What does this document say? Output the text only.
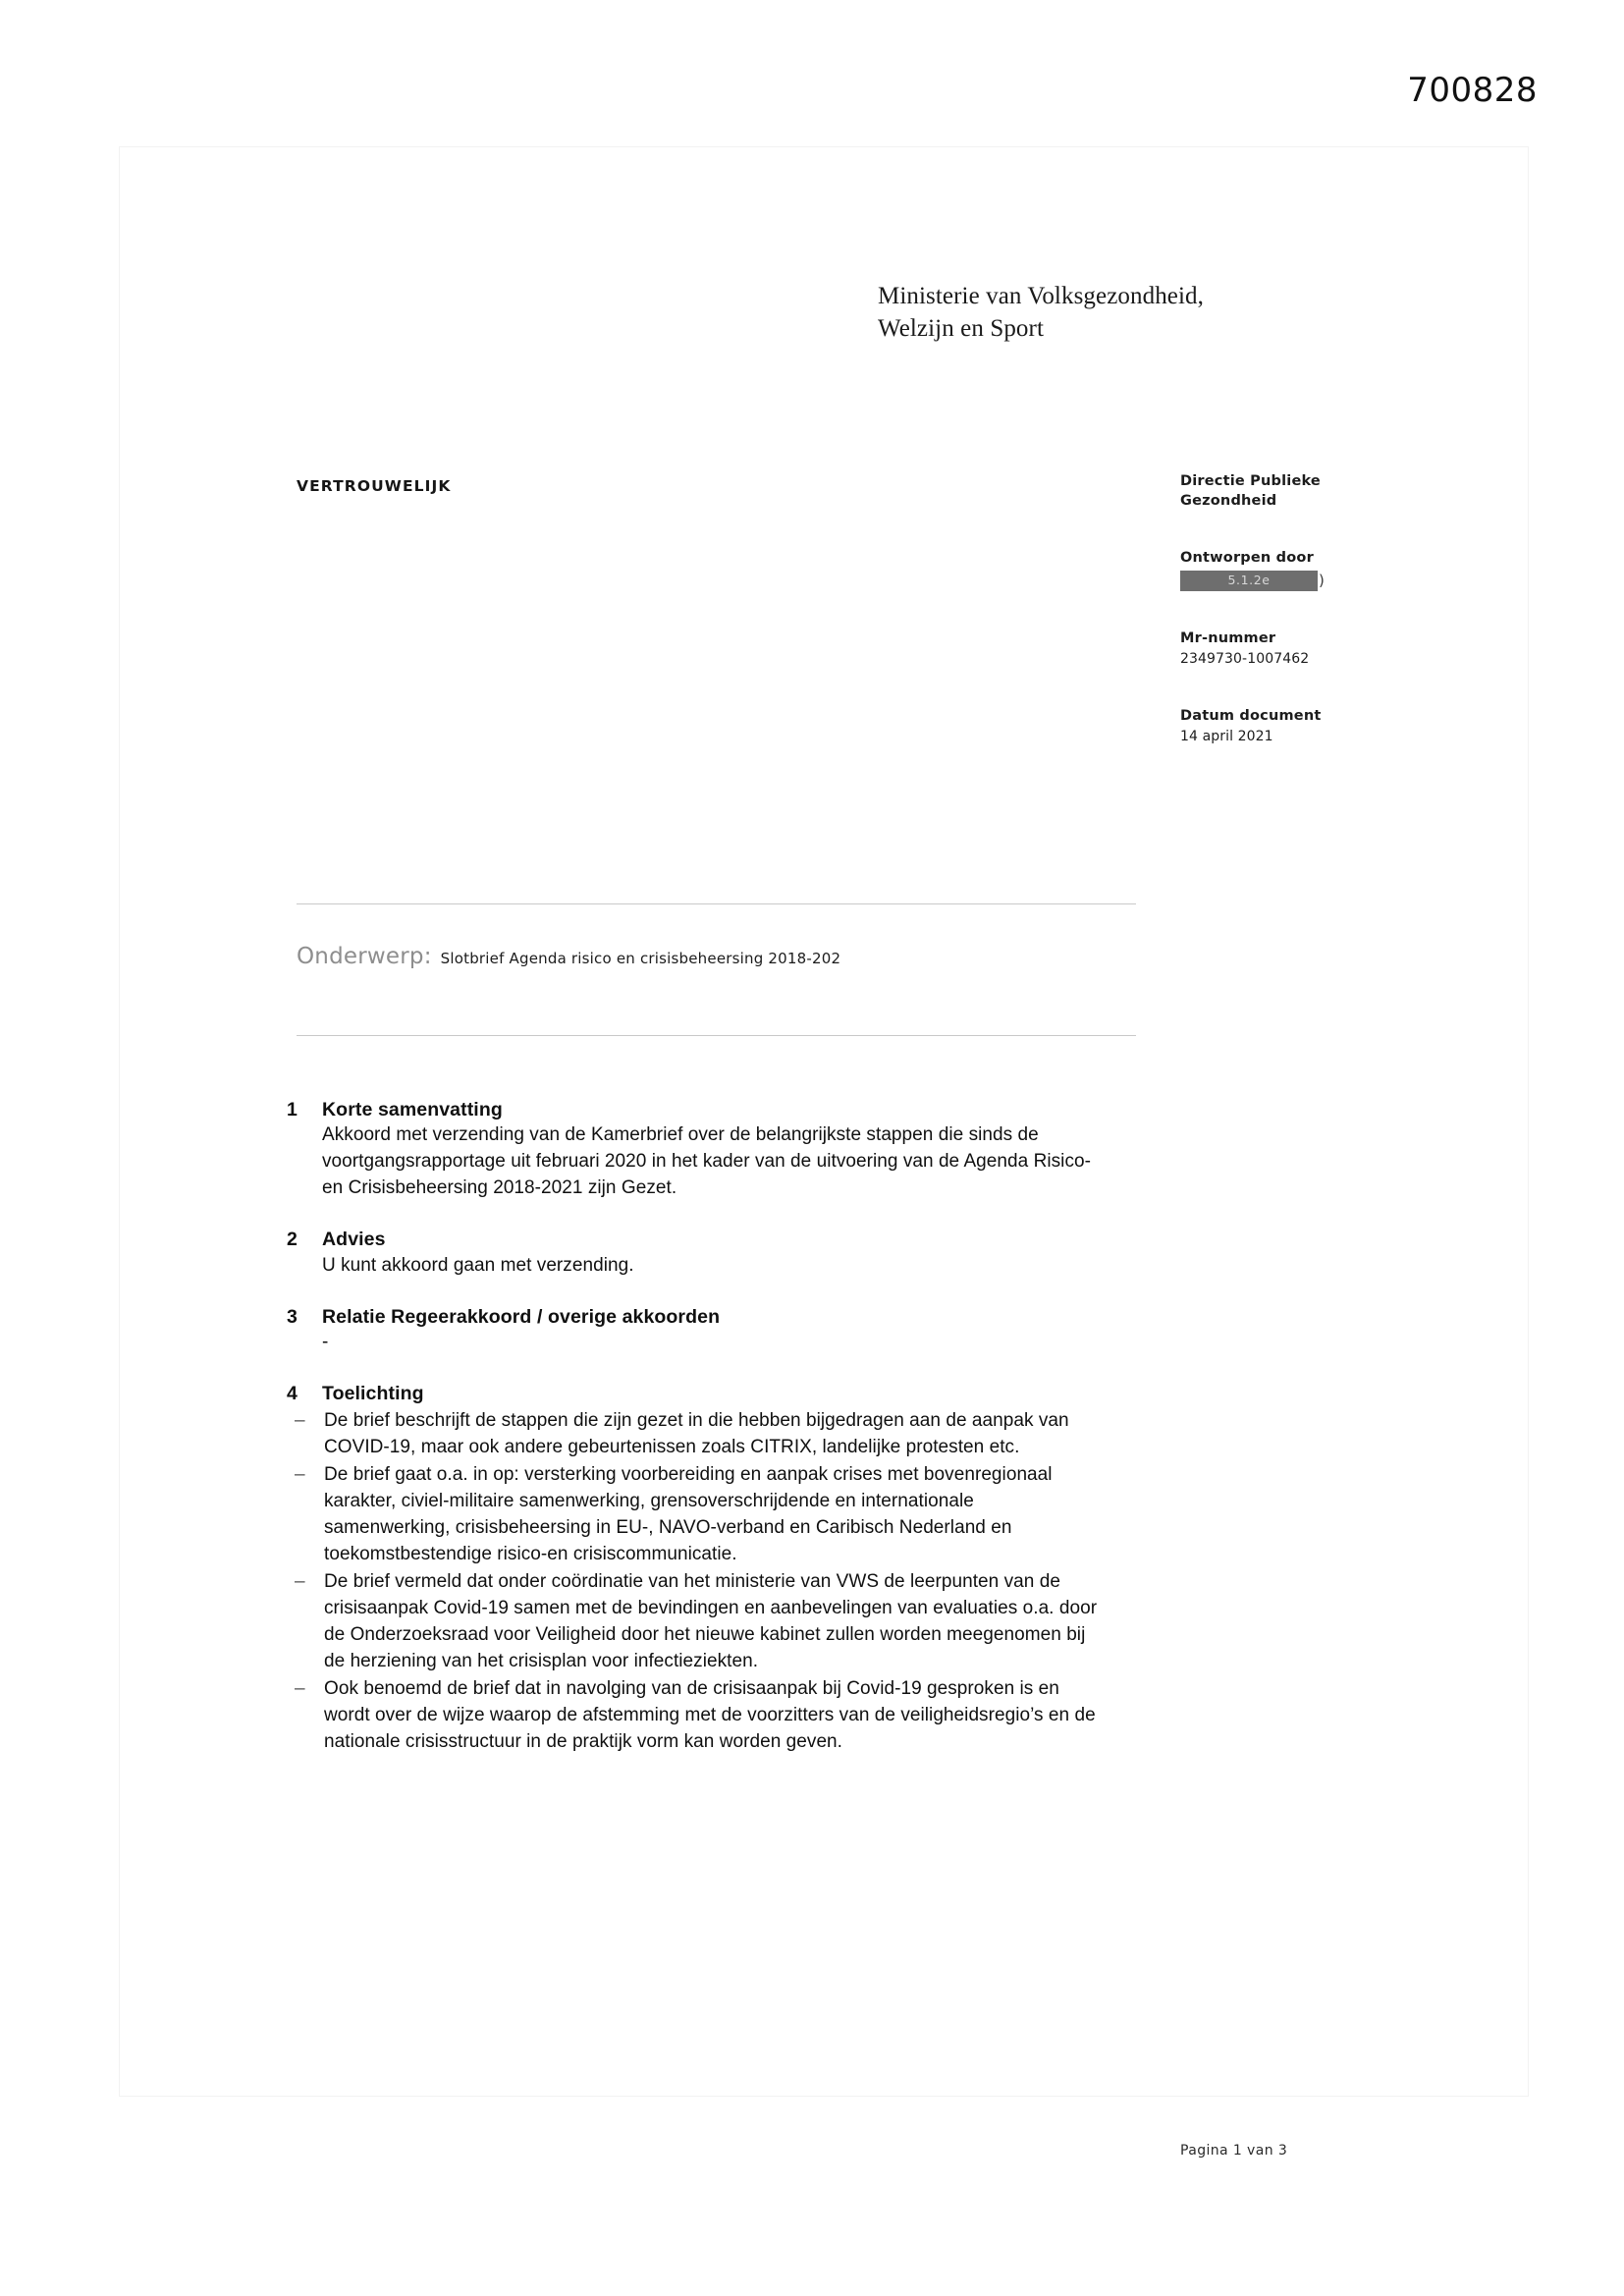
700828
Ministerie van Volksgezondheid,
Welzijn en Sport
VERTROUWELIJK	Directie Publieke
Gezondheid
Ontworpen door
5.1.2e	)
Mr-nummer
2349730-1007462
Datum document
14 april 2021
Onderwerp: Slotbrief Agenda risico en crisisbeheersing 2018-202
1	Korte samenvatting

Akkoord met verzending van de Kamerbrief over de belangrijkste stappen die sinds de voortgangsrapportage uit februari 2020 in het kader van de uitvoering van de Agenda Risico- en Crisisbeheersing 2018-2021 zijn Gezet.

2	Advies

U kunt akkoord gaan met verzending.

3	Relatie Regeerakkoord / overige akkoorden

-

4	Toelichting
–	De brief beschrijft de stappen die zijn gezet in die hebben bijgedragen aan de aanpak van COVID-19, maar ook andere gebeurtenissen zoals CITRIX, landelijke protesten etc.
–	De brief gaat o.a. in op: versterking voorbereiding en aanpak crises met bovenregionaal karakter, civiel-militaire samenwerking, grensoverschrijdende en internationale samenwerking, crisisbeheersing in EU-, NAVO-verband en Caribisch Nederland en toekomstbestendige risico-en crisiscommunicatie.
–	De brief vermeld dat onder coördinatie van het ministerie van VWS de leerpunten van de crisisaanpak Covid-19 samen met de bevindingen en aanbevelingen van evaluaties o.a. door de Onderzoeksraad voor Veiligheid door het nieuwe kabinet zullen worden meegenomen bij de herziening van het crisisplan voor infectieziekten.
–	Ook benoemd de brief dat in navolging van de crisisaanpak bij Covid-19 gesproken is en wordt over de wijze waarop de afstemming met de voorzitters van de veiligheidsregio’s en de nationale crisisstructuur in de praktijk vorm kan worden geven.
Pagina 1 van 3
